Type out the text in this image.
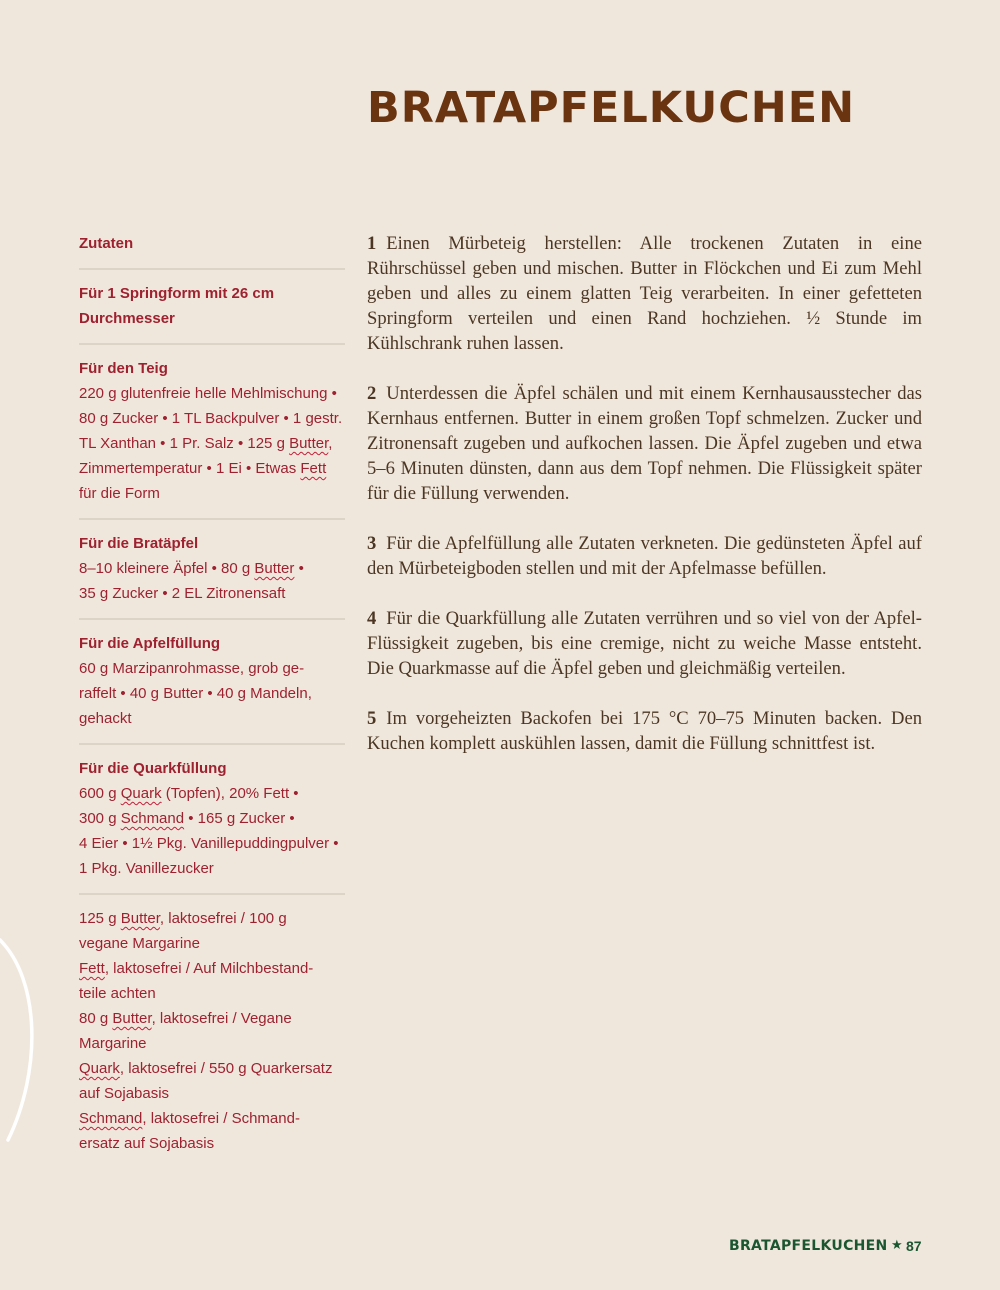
BRATAPFELKUCHEN
Zutaten
Für 1 Springform mit 26 cm
Durchmesser
Für den Teig
220 g glutenfreie helle Mehlmischung •
80 g Zucker • 1 TL Backpulver • 1 gestr.
TL Xanthan • 1 Pr. Salz • 125 g Butter,
Zimmertemperatur • 1 Ei • Etwas Fett
für die Form
Für die Bratäpfel
8–10 kleinere Äpfel • 80 g Butter •
35 g Zucker • 2 EL Zitronensaft
Für die Apfelfüllung
60 g Marzipanrohmasse, grob ge-
raffelt • 40 g Butter • 40 g Mandeln,
gehackt
Für die Quarkfüllung
600 g Quark (Topfen), 20% Fett •
300 g Schmand • 165 g Zucker •
4 Eier • 1½ Pkg. Vanillepuddingpulver •
1 Pkg. Vanillezucker
125 g Butter, laktosefrei / 100 g
vegane Margarine
Fett, laktosefrei / Auf Milchbestand-
teile achten
80 g Butter, laktosefrei / Vegane
Margarine
Quark, laktosefrei / 550 g Quarkersatz
auf Sojabasis
Schmand, laktosefrei / Schmand-
ersatz auf Sojabasis

1 Einen Mürbeteig herstellen: Alle trockenen Zutaten in eine Rührschüssel geben und mischen. Butter in Flöckchen und Ei zum Mehl geben und alles zu einem glatten Teig verarbeiten. In einer gefetteten Springform verteilen und einen Rand hochziehen. ½ Stunde im Kühlschrank ruhen lassen.

2 Unterdessen die Äpfel schälen und mit einem Kernhausausstecher das Kernhaus entfernen. Butter in einem großen Topf schmelzen. Zucker und Zitronensaft zugeben und aufkochen lassen. Die Äpfel zugeben und etwa 5–6 Minuten dünsten, dann aus dem Topf nehmen. Die Flüssigkeit später für die Füllung verwenden.

3 Für die Apfelfüllung alle Zutaten verkneten. Die gedünsteten Äpfel auf den Mürbeteigboden stellen und mit der Apfelmasse befüllen.

4 Für die Quarkfüllung alle Zutaten verrühren und so viel von der Apfel-Flüssigkeit zugeben, bis eine cremige, nicht zu weiche Masse entsteht. Die Quarkmasse auf die Äpfel geben und gleichmäßig verteilen.

5 Im vorgeheizten Backofen bei 175 °C 70–75 Minuten backen. Den Kuchen komplett auskühlen lassen, damit die Füllung schnittfest ist.

BRATAPFELKUCHEN ★ 87
